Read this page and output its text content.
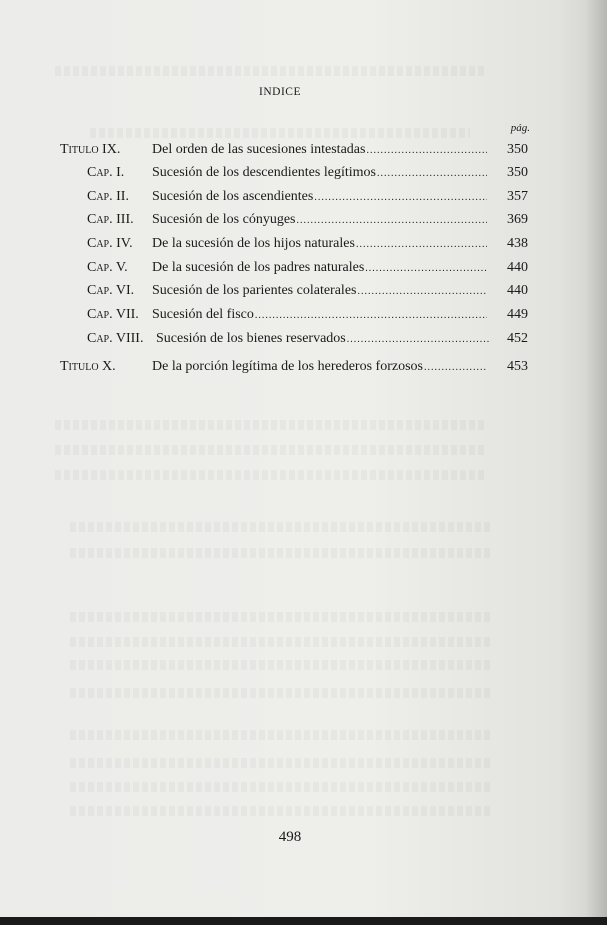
INDICE
pág.
Titulo IX. Del orden de las sucesiones intestadas .....	350
Cap. I. Sucesión de los descendientes legítimos .....	350
Cap. II. Sucesión de los ascendientes .....	357
Cap. III. Sucesión de los cónyuges .....	369
Cap. IV. De la sucesión de los hijos naturales .....	438
Cap. V. De la sucesión de los padres naturales .....	440
Cap. VI. Sucesión de los parientes colaterales .....	440
Cap. VII. Sucesión del fisco .....	449
Cap. VIII. Sucesión de los bienes reservados .....	452
Titulo X.	De la porción legítima de los herederos forzosos .....	453
498
